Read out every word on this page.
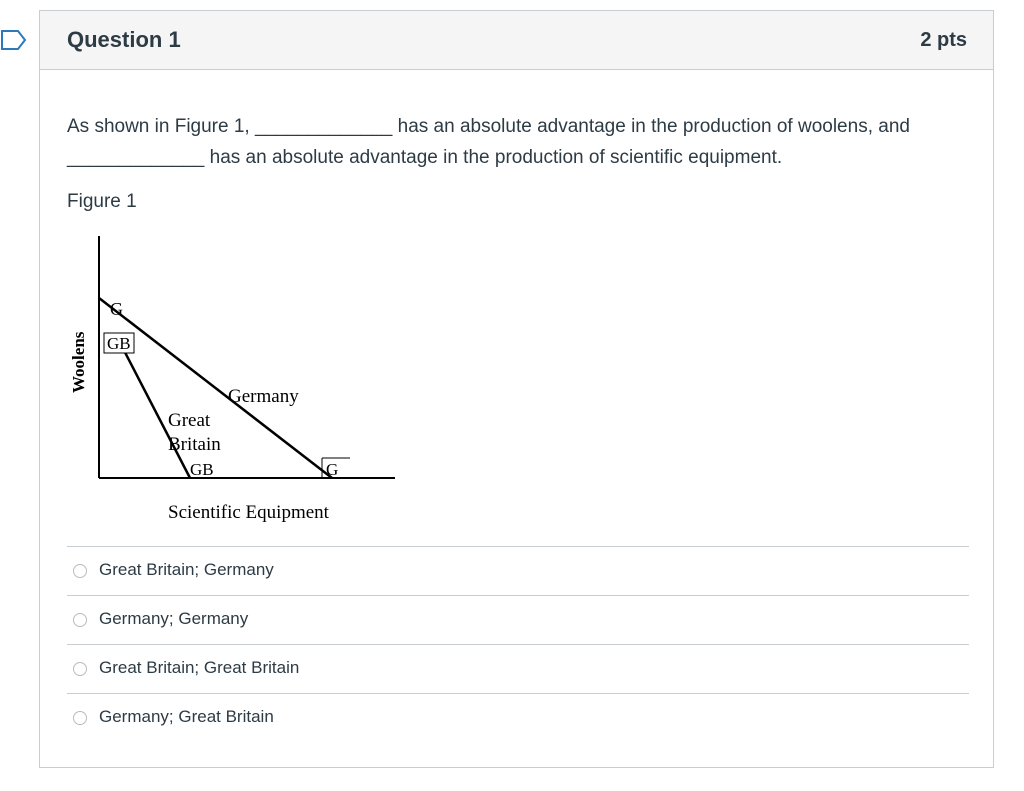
Question 1	2 pts
As shown in Figure 1, _____________ has an absolute advantage in the production of woolens, and _____________ has an absolute advantage in the production of scientific equipment.
Figure 1
G
GB
Germany
Great
Britain
GB	G
Scientific Equipment
Woolens
Great Britain; Germany
Germany; Germany
Great Britain; Great Britain
Germany; Great Britain
